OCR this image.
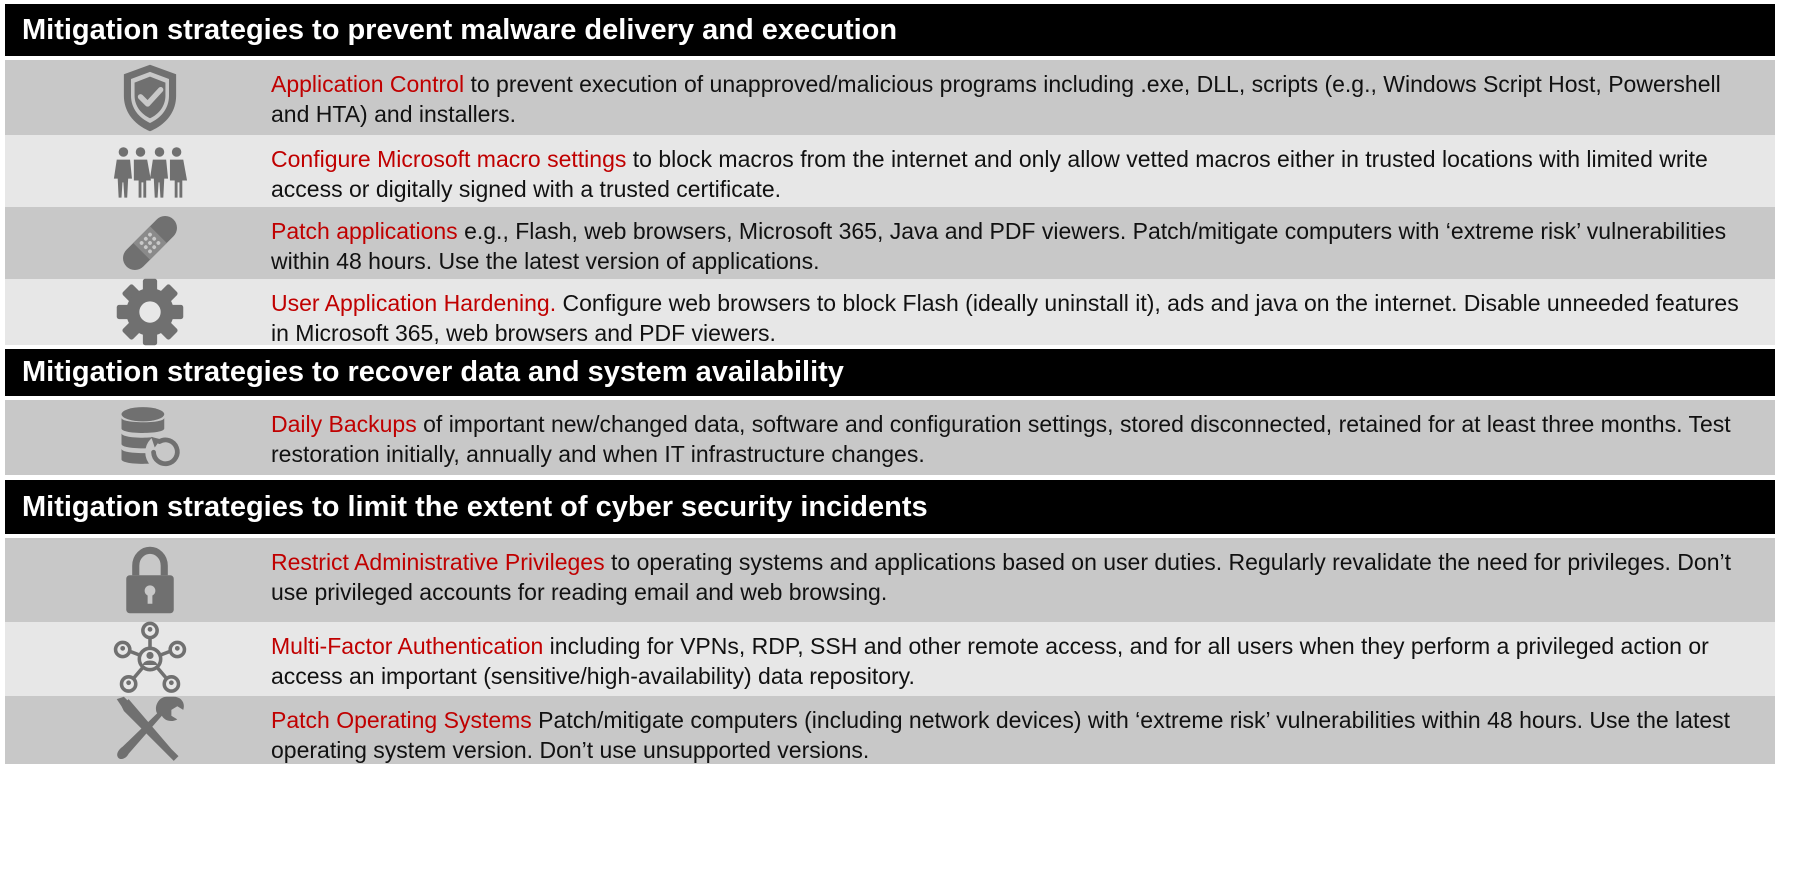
Mitigation strategies to prevent malware delivery and execution
Application Control to prevent execution of unapproved/malicious programs including .exe, DLL, scripts (e.g., Windows Script Host, Powershell and HTA) and installers.
Configure Microsoft macro settings to block macros from the internet and only allow vetted macros either in trusted locations with limited write access or digitally signed with a trusted certificate.
Patch applications e.g., Flash, web browsers, Microsoft 365, Java and PDF viewers. Patch/mitigate computers with ‘extreme risk’ vulnerabilities within 48 hours. Use the latest version of applications.
User Application Hardening. Configure web browsers to block Flash (ideally uninstall it), ads and java on the internet. Disable unneeded features in Microsoft 365, web browsers and PDF viewers.
Mitigation strategies to recover data and system availability
Daily Backups of important new/changed data, software and configuration settings, stored disconnected, retained for at least three months. Test restoration initially, annually and when IT infrastructure changes.
Mitigation strategies to limit the extent of cyber security incidents
Restrict Administrative Privileges to operating systems and applications based on user duties. Regularly revalidate the need for privileges. Don’t use privileged accounts for reading email and web browsing.
Multi-Factor Authentication including for VPNs, RDP, SSH and other remote access, and for all users when they perform a privileged action or access an important (sensitive/high-availability) data repository.
Patch Operating Systems Patch/mitigate computers (including network devices) with ‘extreme risk’ vulnerabilities within 48 hours. Use the latest operating system version. Don’t use unsupported versions.
